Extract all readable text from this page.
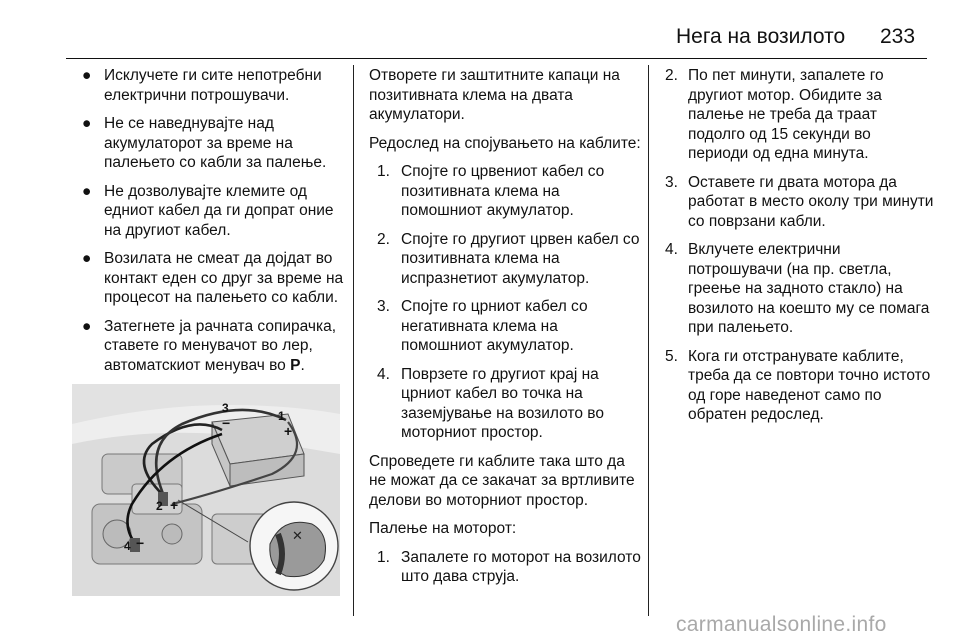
Нега на возилото 233
● Исклучете ги сите непотребни електрични потрошувачи.
● Не се наведнувајте над акумулаторот за време на палењето со кабли за палење.
● Не дозволувајте клемите од едниот кабел да ги допрат оние на другиот кабел.
● Возилата не смеат да дојдат во контакт еден со друг за време на процесот на палењето со кабли.
● Затегнете ја рачната сопирачка, ставете го менувачот во лер, автоматскиот менувач во P.
✕
3
−	1
+
2 +
4 −
Отворете ги заштитните капаци на позитивната клема на двата акумулатори.
Редослед на спојувањето на каблите:
1. Спојте го црвениот кабел со позитивната клема на помошниот акумулатор.
2. Спојте го другиот црвен кабел со позитивната клема на испразнетиот акумулатор.
3. Спојте го црниот кабел со негативната клема на помошниот акумулатор.
4. Поврзете го другиот крај на црниот кабел во точка на заземјување на возилото во моторниот простор.
Спроведете ги каблите така што да не можат да се закачат за вртливите делови во моторниот простор.
Палење на моторот:
1. Запалете го моторот на возилото што дава струја.
2. По пет минути, запалете го другиот мотор. Обидите за палење не треба да траат подолго од 15 секунди во периоди од една минута.
3. Оставете ги двата мотора да работат в место околу три минути со поврзани кабли.
4. Вклучете електрични потрошувачи (на пр. светла, греење на задното стакло) на возилото на коешто му се помага при палењето.
5. Кога ги отстранувате каблите, треба да се повтори точно истото од горе наведенот само по обратен редослед.
carmanualsonline.info
